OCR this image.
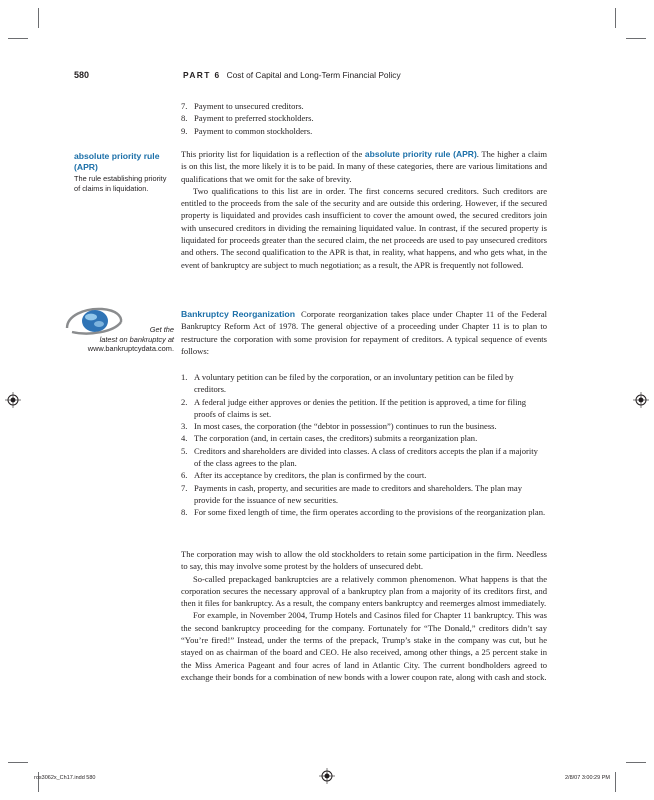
580	PART 6 Cost of Capital and Long-Term Financial Policy
7. Payment to unsecured creditors.
8. Payment to preferred stockholders.
9. Payment to common stockholders.
absolute priority rule (APR)
The rule establishing priority of claims in liquidation.

This priority list for liquidation is a reflection of the absolute priority rule (APR). The higher a claim is on this list, the more likely it is to be paid. In many of these categories, there are various limitations and qualifications that we omit for the sake of brevity.

Two qualifications to this list are in order. The first concerns secured creditors. Such creditors are entitled to the proceeds from the sale of the security and are outside this ordering. However, if the secured property is liquidated and provides cash insufficient to cover the amount owed, the secured creditors join with unsecured creditors in dividing the remaining liquidated value. In contrast, if the secured property is liquidated for proceeds greater than the secured claim, the net proceeds are used to pay unsecured creditors and others. The second qualification to the APR is that, in reality, what happens, and who gets what, in the event of bankruptcy are subject to much negotiation; as a result, the APR is frequently not followed.

Get the
latest on bankruptcy at
www.bankruptcydata.com.

Bankruptcy Reorganization Corporate reorganization takes place under Chapter 11 of the Federal Bankruptcy Reform Act of 1978. The general objective of a proceeding under Chapter 11 is to plan to restructure the corporation with some provision for repayment of creditors. A typical sequence of events follows:

1. A voluntary petition can be filed by the corporation, or an involuntary petition can be filed by creditors.
2. A federal judge either approves or denies the petition. If the petition is approved, a time for filing proofs of claims is set.
3. In most cases, the corporation (the “debtor in possession”) continues to run the business.
4. The corporation (and, in certain cases, the creditors) submits a reorganization plan.
5. Creditors and shareholders are divided into classes. A class of creditors accepts the plan if a majority of the class agrees to the plan.
6. After its acceptance by creditors, the plan is confirmed by the court.
7. Payments in cash, property, and securities are made to creditors and shareholders. The plan may provide for the issuance of new securities.
8. For some fixed length of time, the firm operates according to the provisions of the reorganization plan.

The corporation may wish to allow the old stockholders to retain some participation in the firm. Needless to say, this may involve some protest by the holders of unsecured debt.

So-called prepackaged bankruptcies are a relatively common phenomenon. What happens is that the corporation secures the necessary approval of a bankruptcy plan from a majority of its creditors first, and then it files for bankruptcy. As a result, the company enters bankruptcy and reemerges almost immediately.

For example, in November 2004, Trump Hotels and Casinos filed for Chapter 11 bankruptcy. This was the second bankruptcy proceeding for the company. Fortunately for “The Donald,” creditors didn’t say “You’re fired!” Instead, under the terms of the prepack, Trump’s stake in the company was cut, but he stayed on as chairman of the board and CEO. He also received, among other things, a 25 percent stake in the Miss America Pageant and four acres of land in Atlantic City. The current bondholders agreed to exchange their bonds for a combination of new bonds with a lower coupon rate, along with cash and stock.

ros3062x_Ch17.indd 580	2/8/07 3:00:29 PM
